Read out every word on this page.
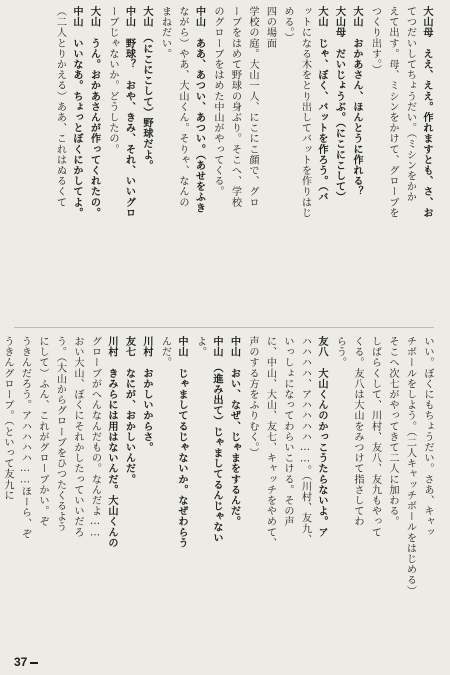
大山母　ええ、ええ。作れますとも、さ、お
てつだいしてちょうだい。（ミシンをかか
えて出す。母、ミシンをかけて、グローブを
つくり出す。）
大山　おかあさん、ほんとうに作れる？
大山母　だいじょうぶ。（にこにこして）
大山　じゃ、ぼく、バットを作ろう。（バ
ットになる木をとり出してバットを作りはじ
める。）
四の場面
学校の庭。大山一人、にこにこ顔で、グロ
ーブをはめて野球の身ぶり。そこへ、学校
のグローブをはめた中山がやってくる。
中山　ああ、あつい、あつい。（あせをふき
ながら）やあ、大山くん。そりゃ、なんの
まねだい。
大山　（にこにこして）野球だよ。
中山　野球？　おや、きみ、それ、いいグロ
ーブじゃないか。どうしたの。
大山　うん。おかあさんが作ってくれたの。
中山　いいなあ。ちょっとぼくにかしてよ。
（二人とりかえる）ああ、これはぬるくて
いい。ぼくにもちょうだい。さあ、キャッ
チボールをしよう。（二人キャッチボールをはじめる）
そこへ次七がやってきて二人に加わる。
しばらくして、川村、友八、友九もやって
くる。友八は大山をみつけて指さしてわ
らう。
友八　大山くんのかっこうたらないよ。ア
ハハハハ、アハハハハ……。（川村、友九、
いっしょになってわらいこける。その声
に、中山、大山、友七、キャッチをやめて、
声のする方をふりむく。）
中山　おい、なぜ、じゃまをするんだ。
中山　（進み出て）じゃましてるんじゃない
よ。
中山　じゃましてるじゃないか。なぜわらう
んだ。
川村　おかしいからさ。
友七　なにが、おかしいんだ。
川村　きみらには用はないんだ。大山くんの
グローブがへんなんだもの。なんだよ……
おい大山、ぼくにそれかしたっていいだろ
う。（大山からグローブをひつたくるよう
にして）ふん、これがグローブかい。ぞ
うきんだろう。アハハハハ……ほーら、ぞ
うきんグローブ。（といって友九に
37
